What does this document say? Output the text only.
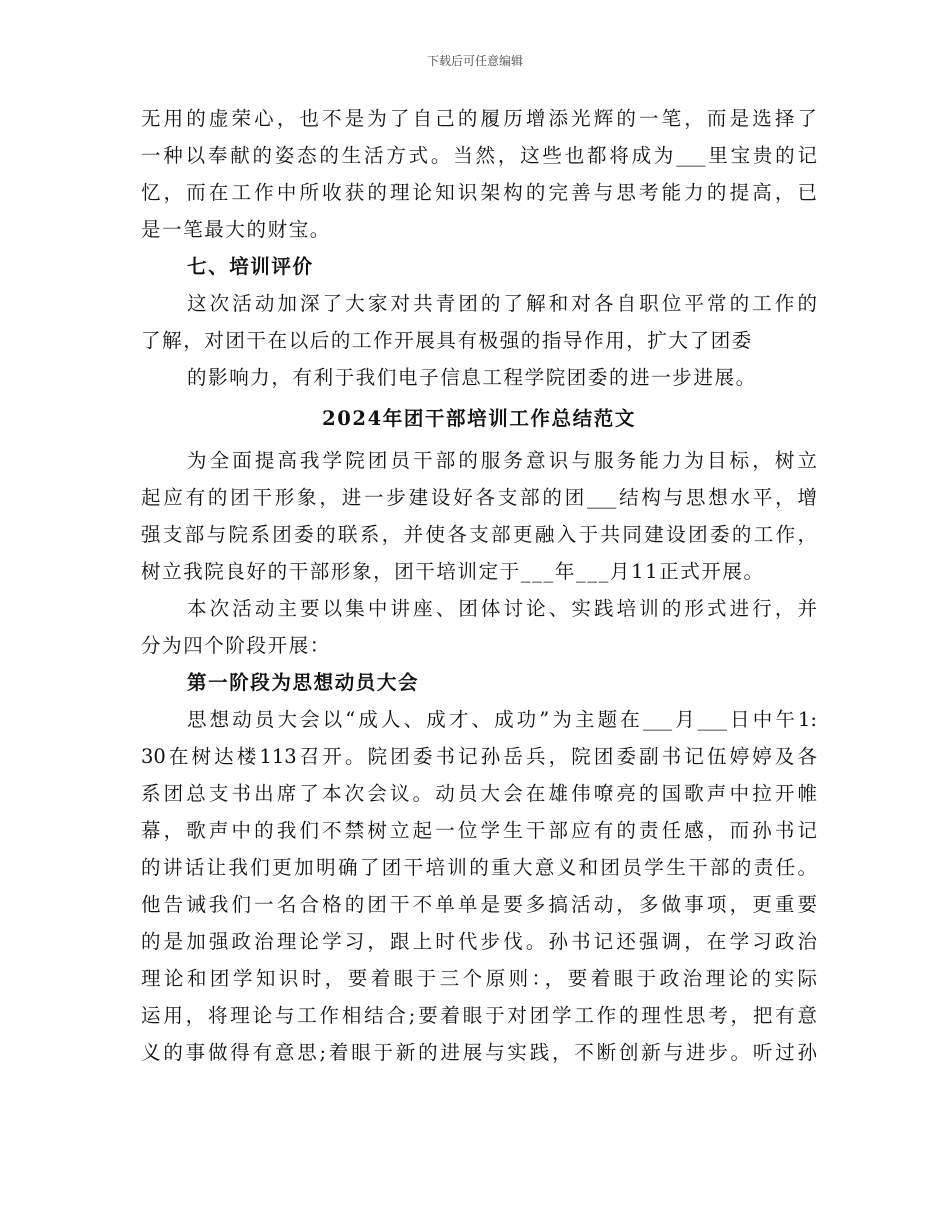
下载后可任意编辑
无用的虚荣心，也不是为了自己的履历增添光辉的一笔，而是选择了
一种以奉献的姿态的生活方式。当然，这些也都将成为___里宝贵的记
忆，而在工作中所收获的理论知识架构的完善与思考能力的提高，已
是一笔最大的财宝。
七、培训评价
这次活动加深了大家对共青团的了解和对各自职位平常的工作的
了解，对团干在以后的工作开展具有极强的指导作用，扩大了团委
的影响力，有利于我们电子信息工程学院团委的进一步进展。
2024年团干部培训工作总结范文
为全面提高我学院团员干部的服务意识与服务能力为目标，树立
起应有的团干形象，进一步建设好各支部的团___结构与思想水平，增
强支部与院系团委的联系，并使各支部更融入于共同建设团委的工作，
树立我院良好的干部形象，团干培训定于___年___月11正式开展。
本次活动主要以集中讲座、团体讨论、实践培训的形式进行，并
分为四个阶段开展：
第一阶段为思想动员大会
思想动员大会以“成人、成才、成功”为主题在___月___日中午1:
30在树达楼113召开。院团委书记孙岳兵，院团委副书记伍婷婷及各
系团总支书出席了本次会议。动员大会在雄伟嘹亮的国歌声中拉开帷
幕，歌声中的我们不禁树立起一位学生干部应有的责任感，而孙书记
的讲话让我们更加明确了团干培训的重大意义和团员学生干部的责任。
他告诫我们一名合格的团干不单单是要多搞活动，多做事项，更重要
的是加强政治理论学习，跟上时代步伐。孙书记还强调，在学习政治
理论和团学知识时，要着眼于三个原则：，要着眼于政治理论的实际
运用，将理论与工作相结合;要着眼于对团学工作的理性思考，把有意
义的事做得有意思;着眼于新的进展与实践，不断创新与进步。听过孙
